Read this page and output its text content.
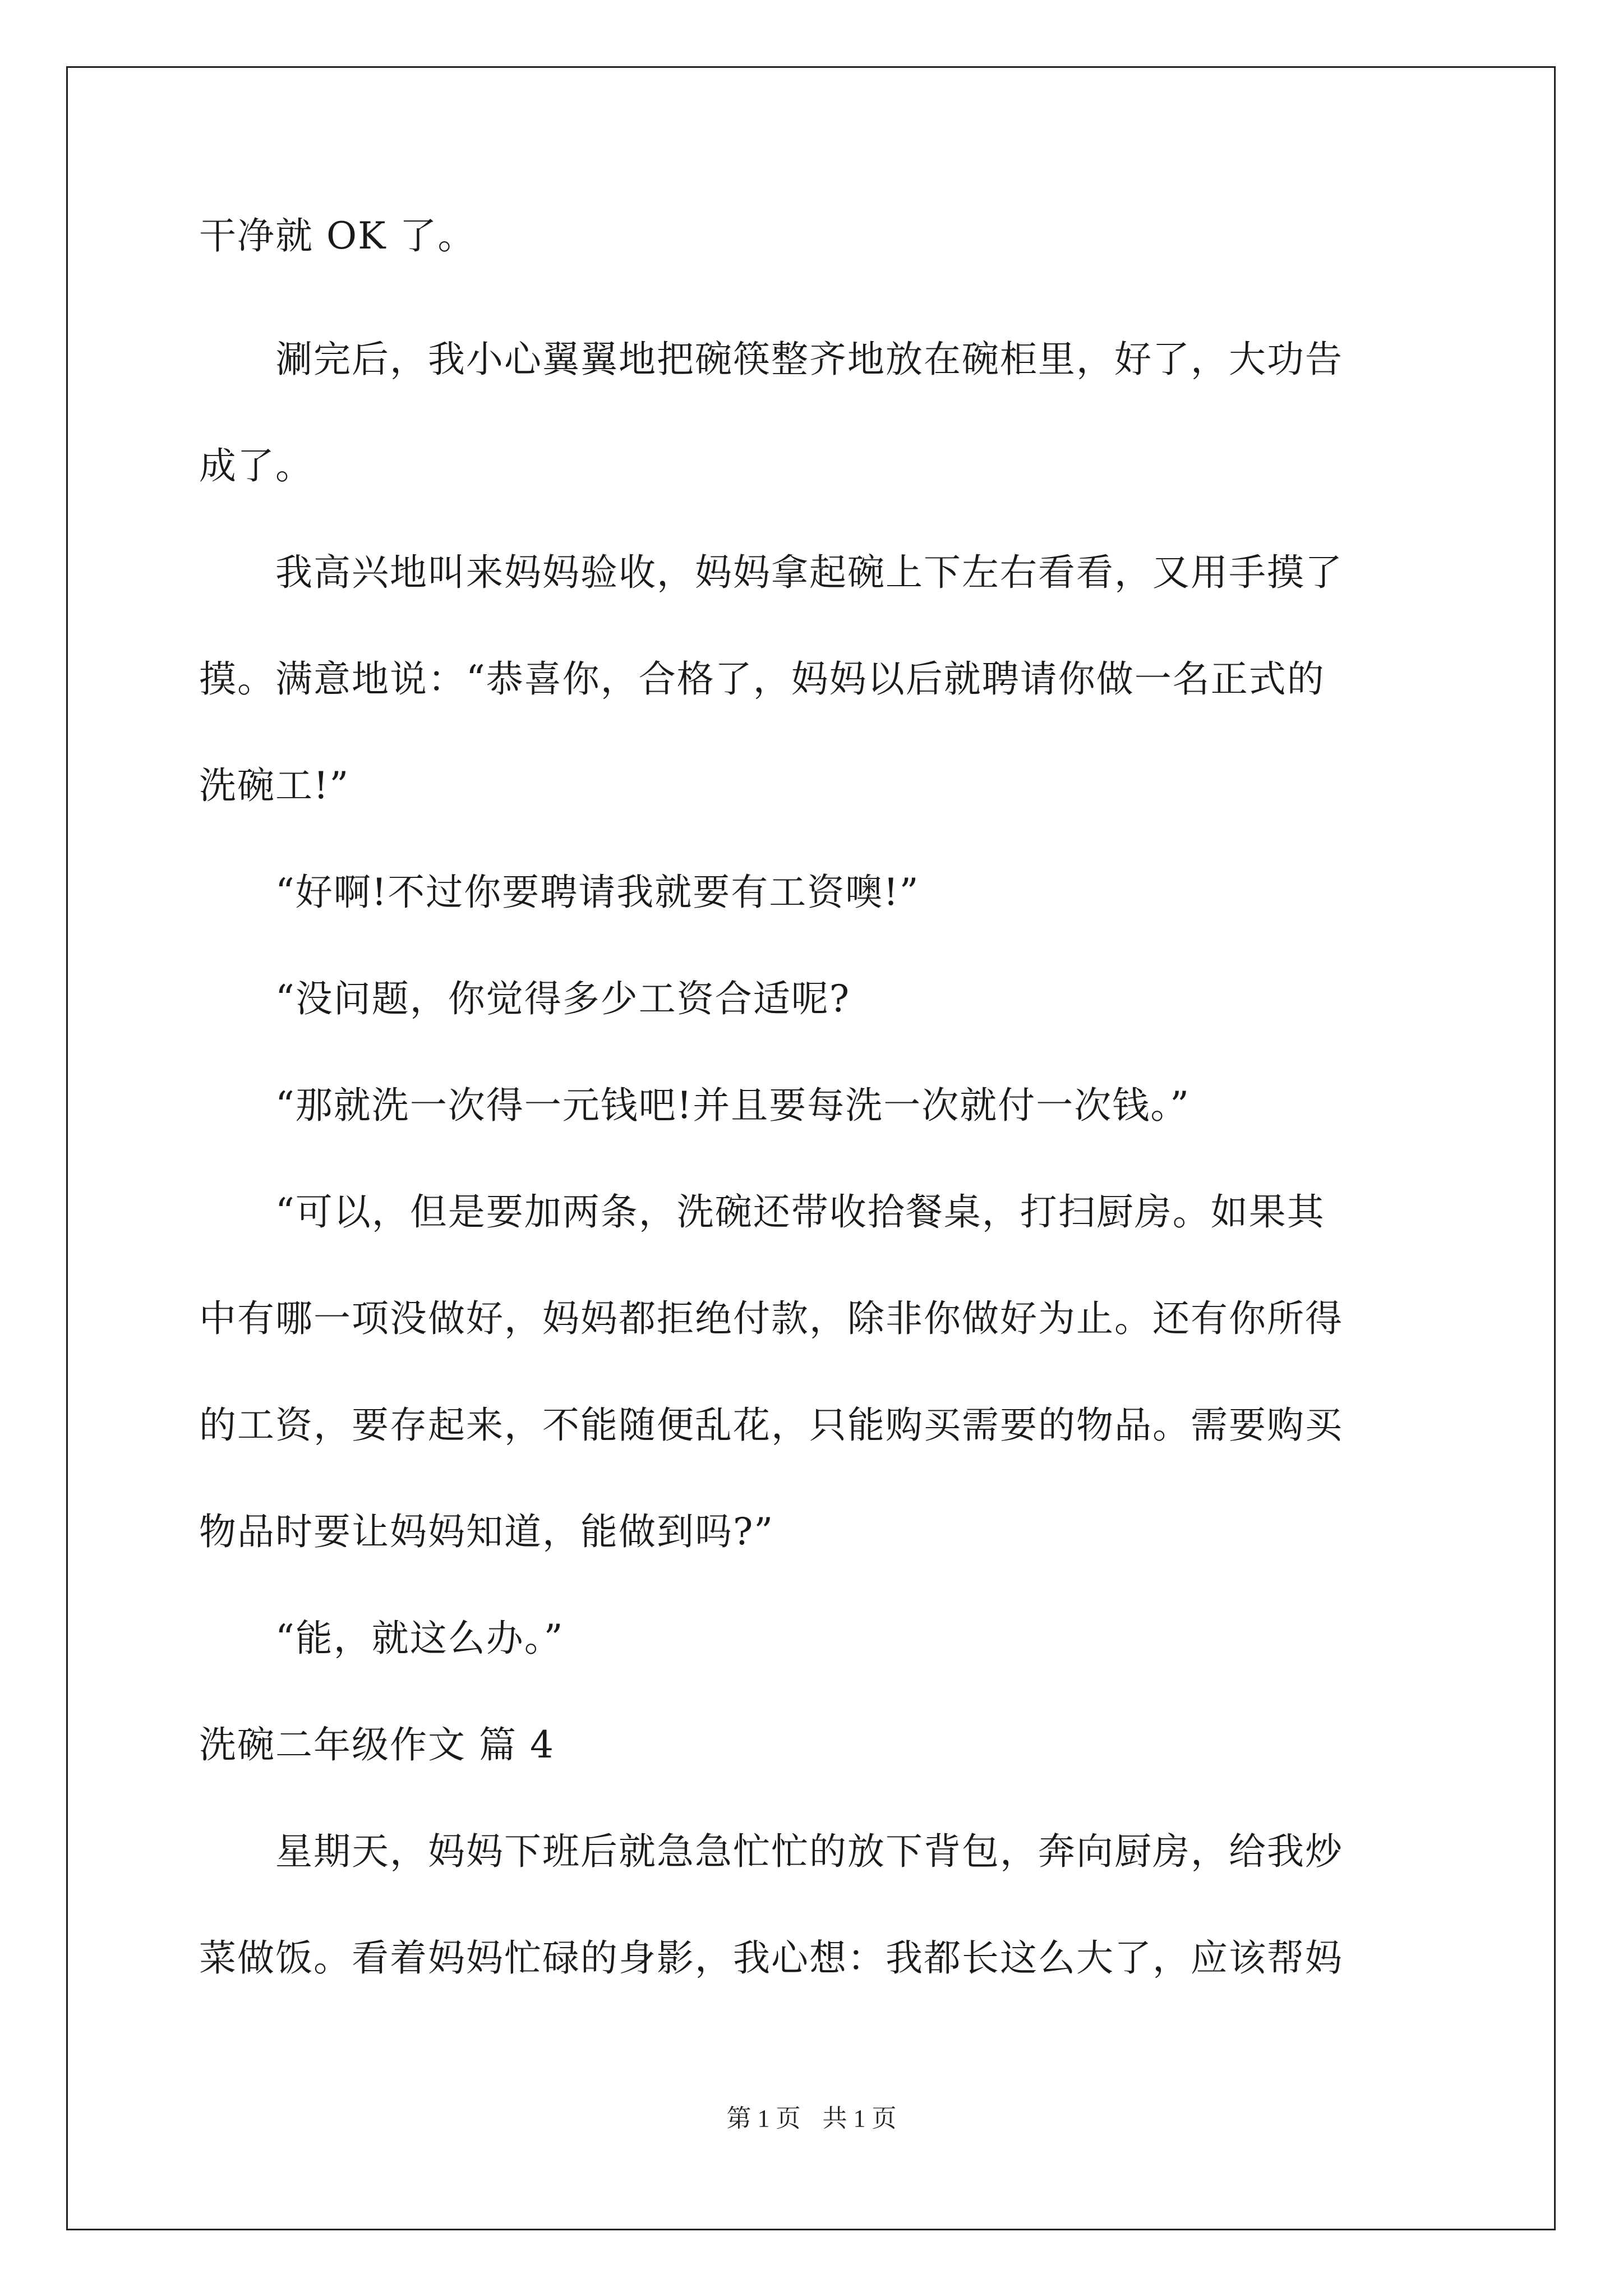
干净就 OK 了。
　　涮完后，我小心翼翼地把碗筷整齐地放在碗柜里，好了，大功告
成了。
　　我高兴地叫来妈妈验收，妈妈拿起碗上下左右看看，又用手摸了
摸。满意地说：“恭喜你，合格了，妈妈以后就聘请你做一名正式的
洗碗工!”
　　“好啊!不过你要聘请我就要有工资噢!”
　　“没问题，你觉得多少工资合适呢?
　　“那就洗一次得一元钱吧!并且要每洗一次就付一次钱。”
　　“可以，但是要加两条，洗碗还带收拾餐桌，打扫厨房。如果其
中有哪一项没做好，妈妈都拒绝付款，除非你做好为止。还有你所得
的工资，要存起来，不能随便乱花，只能购买需要的物品。需要购买
物品时要让妈妈知道，能做到吗?”
　　“能，就这么办。”
洗碗二年级作文 篇 4
　　星期天，妈妈下班后就急急忙忙的放下背包，奔向厨房，给我炒
菜做饭。看着妈妈忙碌的身影，我心想：我都长这么大了，应该帮妈
第 1 页 共 1 页
